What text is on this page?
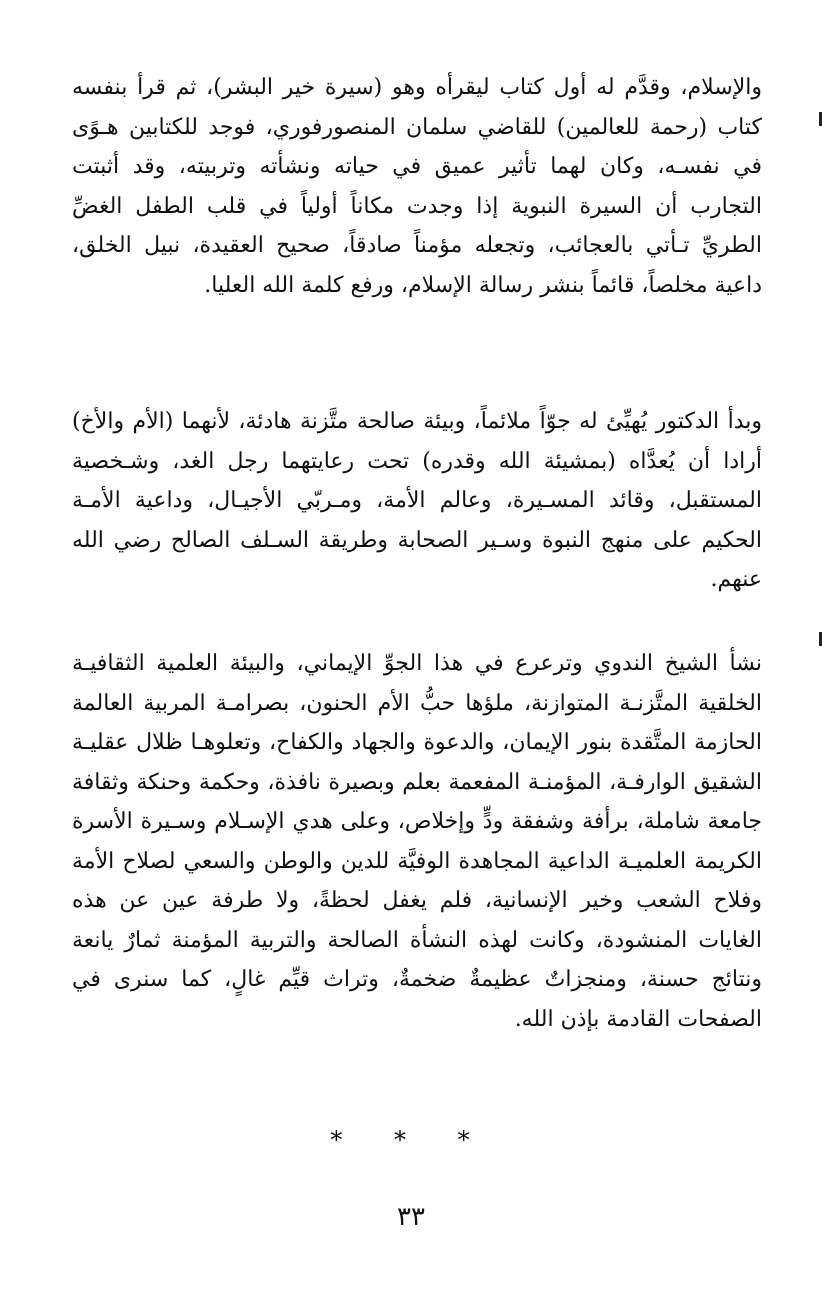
والإسلام، وقدَّم له أول كتاب ليقرأه وهو (سيرة خير البشر)، ثم قرأ بنفسه كتاب (رحمة للعالمين) للقاضي سلمان المنصورفوري، فوجد للكتابين هـوًى في نفسـه، وكان لهما تأثير عميق في حياته ونشأته وتربيته، وقد أثبتت التجارب أن السيرة النبوية إذا وجدت مكاناً أولياً في قلب الطفل الغضِّ الطريِّ تـأتي بالعجائب، وتجعله مؤمناً صادقاً، صحيح العقيدة، نبيل الخلق، داعية مخلصاً، قائماً بنشر رسالة الإسلام، ورفع كلمة الله العليا.

وبدأ الدكتور يُهيِّئ له جوّاً ملائماً، وبيئة صالحة متَّزنة هادئة، لأنهما (الأم والأخ) أرادا أن يُعدَّاه (بمشيئة الله وقدره) تحت رعايتهما رجل الغد، وشـخصية المستقبل، وقائد المسـيرة، وعالم الأمة، ومـربّي الأجيـال، وداعية الأمـة الحكيم على منهج النبوة وسـير الصحابة وطريقة السـلف الصالح رضي الله عنهم.

نشأ الشيخ الندوي وترعرع في هذا الجوِّ الإيماني، والبيئة العلمية الثقافيـة الخلقية المتَّزنـة المتوازنة، ملؤها حبُّ الأم الحنون، بصرامـة المربية العالمة الحازمة المتَّقدة بنور الإيمان، والدعوة والجهاد والكفاح، وتعلوهـا ظلال عقليـة الشقيق الوارفـة، المؤمنـة المفعمة بعلم وبصيرة نافذة، وحكمة وحنكة وثقافة جامعة شاملة، برأفة وشفقة ودٍّ وإخلاص، وعلى هدي الإسـلام وسـيرة الأسرة الكريمة العلميـة الداعية المجاهدة الوفيَّة للدين والوطن والسعي لصلاح الأمة وفلاح الشعب وخير الإنسانية، فلم يغفل لحظةً، ولا طرفة عين عن هذه الغايات المنشودة، وكانت لهذه النشأة الصالحة والتربية المؤمنة ثمارٌ يانعة ونتائج حسنة، ومنجزاتٌ عظيمةٌ ضخمةٌ، وتراث قيِّم غالٍ، كما سنرى في الصفحات القادمة بإذن الله.

* * *
٣٣
